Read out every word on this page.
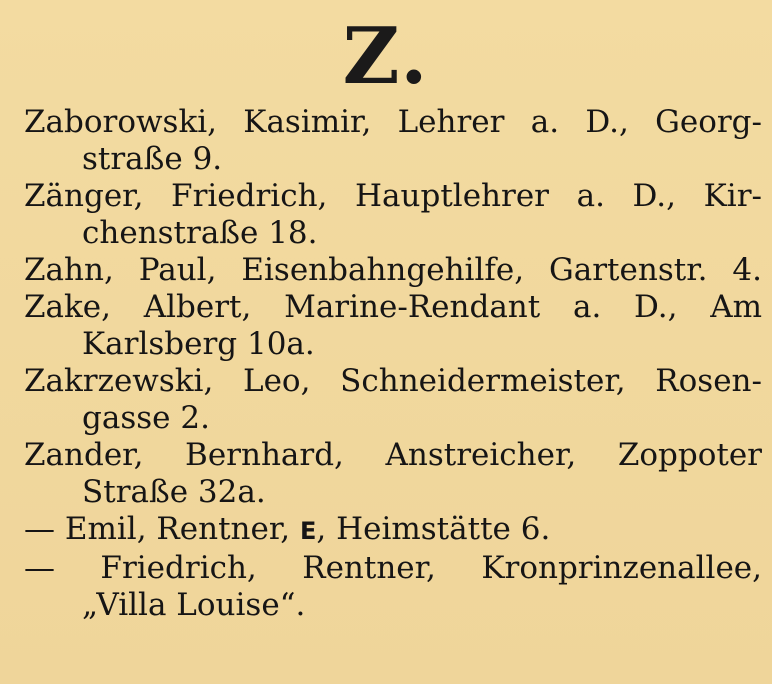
Z.
Zaborowski, Kasimir, Lehrer a. D., Georg-
straße 9.
Zänger, Friedrich, Hauptlehrer a. D., Kir-
chenstraße 18.
Zahn, Paul, Eisenbahngehilfe, Gartenstr. 4.
Zake, Albert, Marine-Rendant a. D., Am
Karlsberg 10a.
Zakrzewski, Leo, Schneidermeister, Rosen-
gasse 2.
Zander, Bernhard, Anstreicher, Zoppoter
Straße 32a.
— Emil, Rentner, E, Heimstätte 6.
— Friedrich, Rentner, Kronprinzenallee,
„Villa Louise“.
